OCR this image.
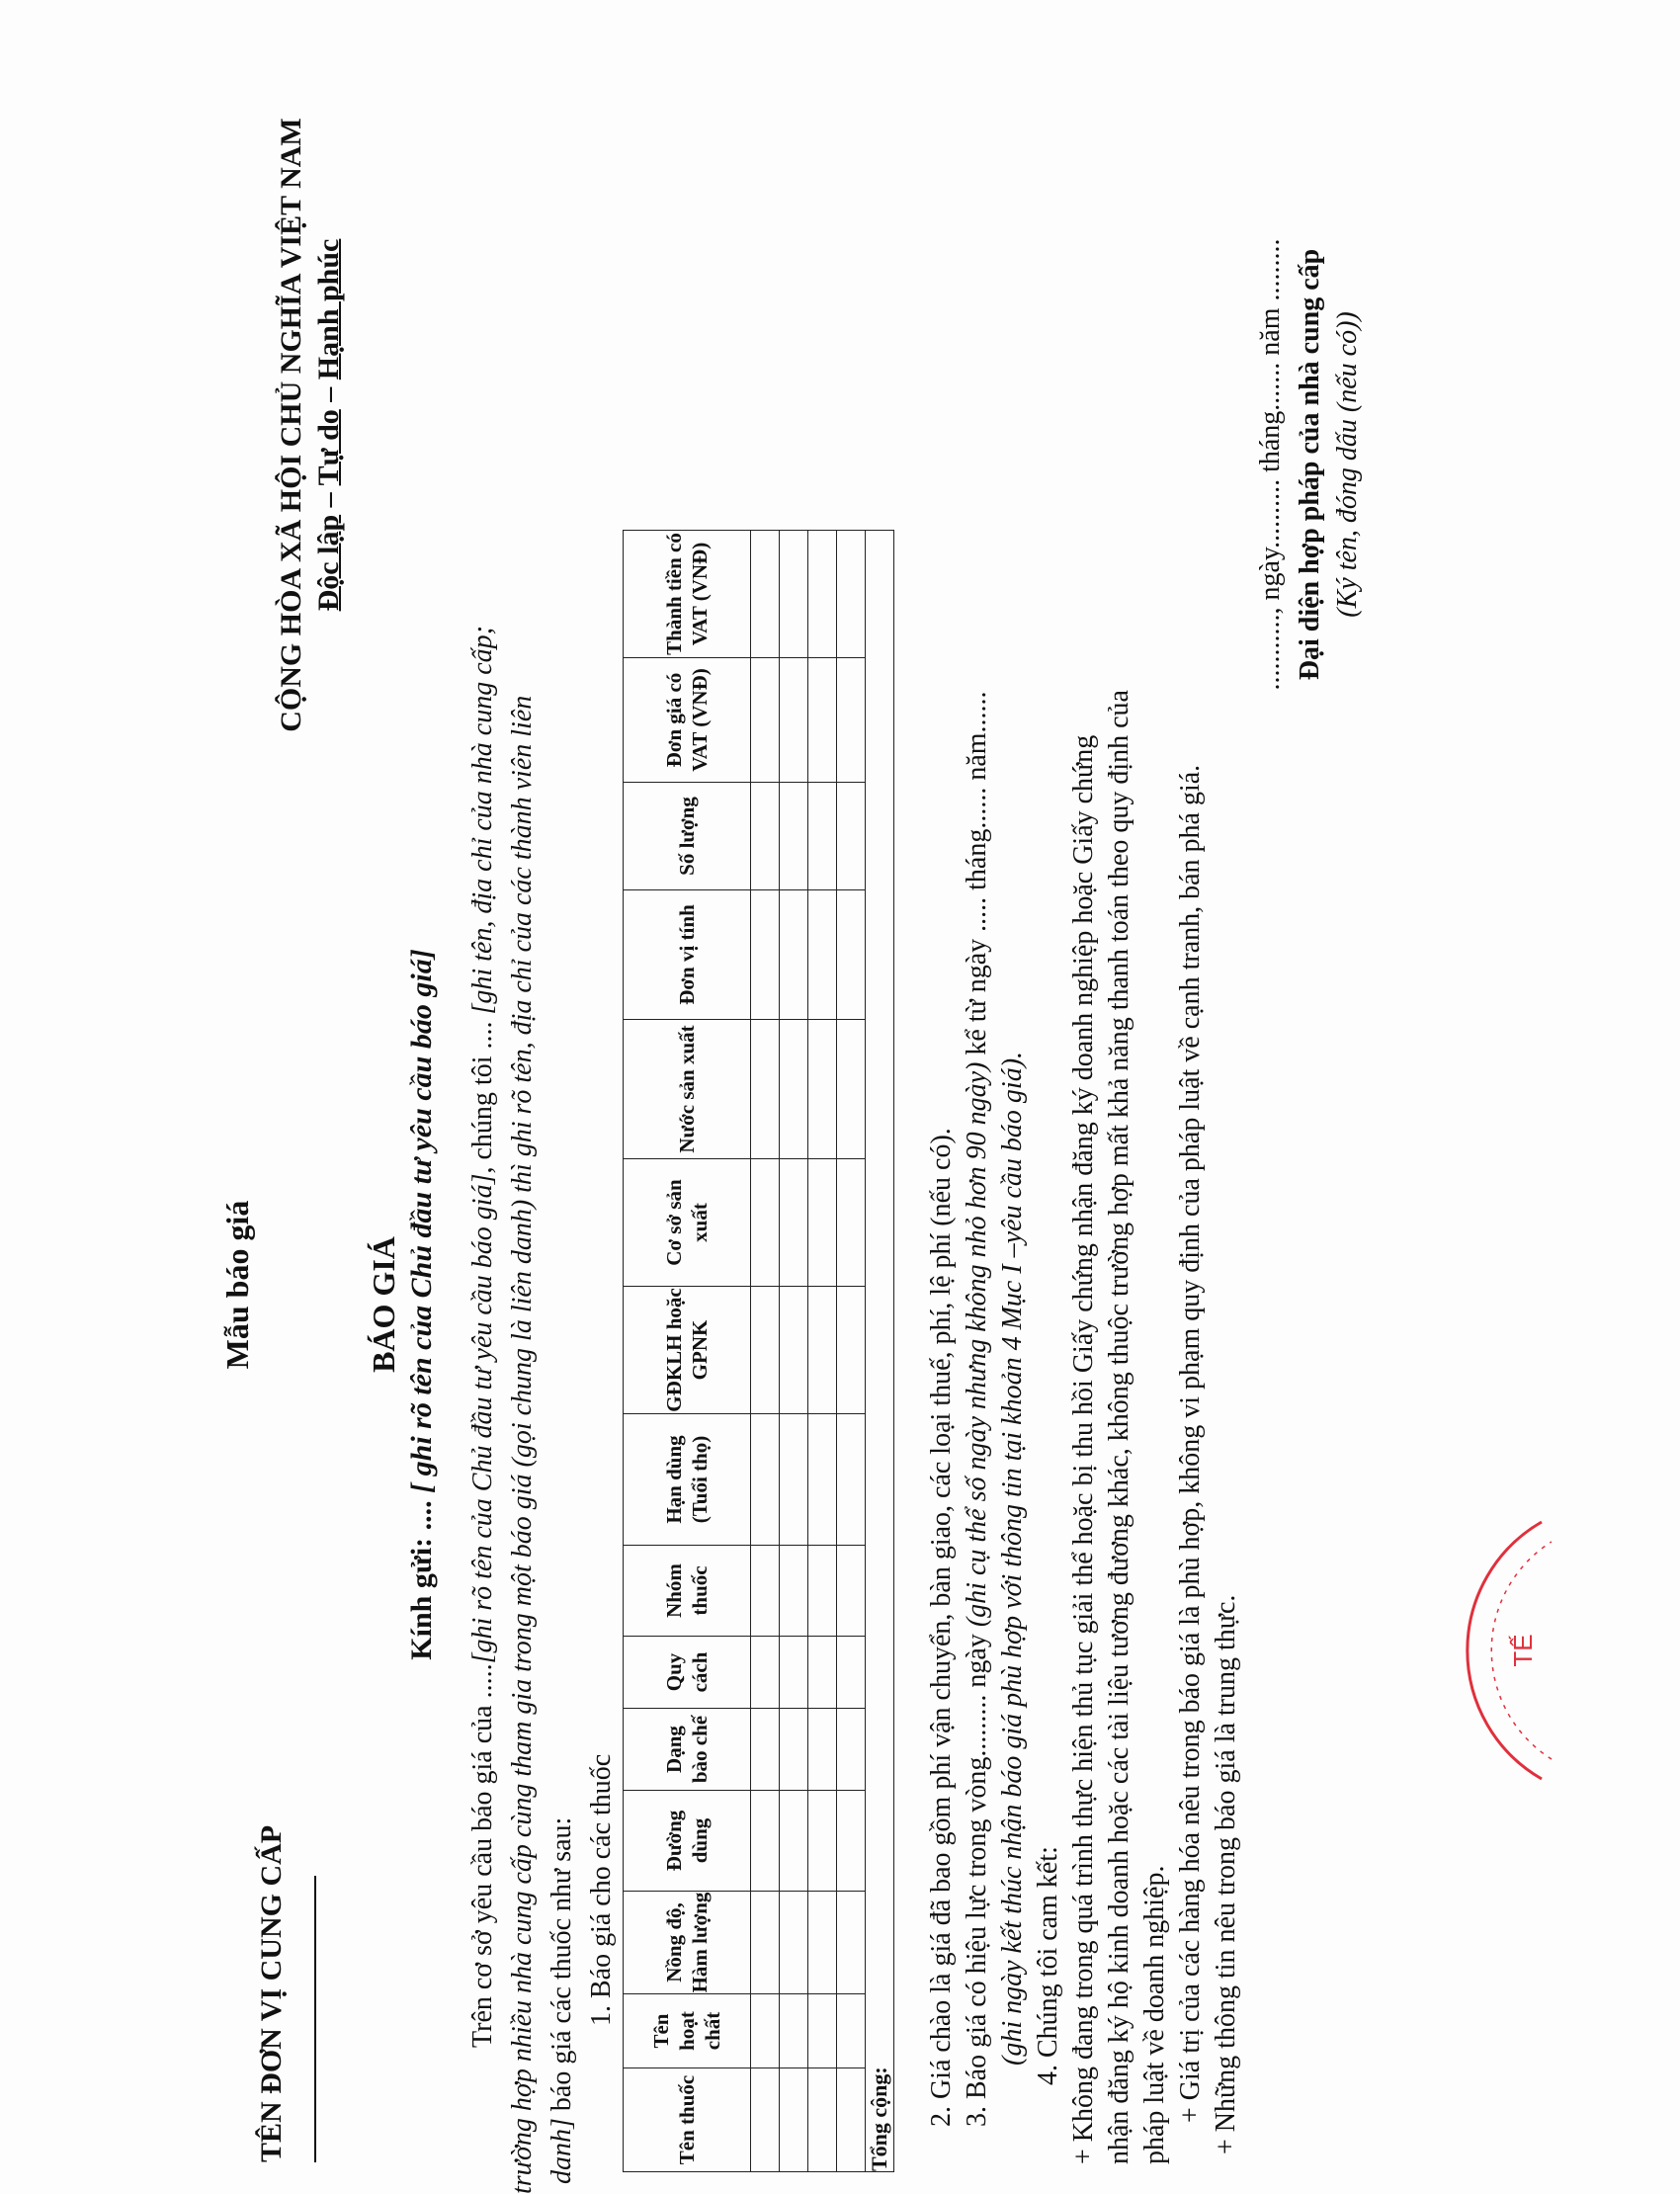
TÊN ĐƠN VỊ CUNG CẤP
Mẫu báo giá
CỘNG HÒA XÃ HỘI CHỦ NGHĨA VIỆT NAM Độc lập – Tự do – Hạnh phúc
BÁO GIÁ
Kính gửi: .... [ ghi rõ tên của Chủ đầu tư yêu cầu báo giá]
Trên cơ sở yêu cầu báo giá của .....[ghi rõ tên của Chủ đầu tư yêu cầu báo giá], chúng tôi .... [ghi tên, địa chỉ của nhà cung cấp; trường hợp nhiều nhà cung cấp cùng tham gia trong một báo giá (gọi chung là liên danh) thì ghi rõ tên, địa chỉ của các thành viên liên danh] báo giá các thuốc như sau: 1. Báo giá cho các thuốc
Tên thuốc	Tên hoạt chất	Nồng độ, Hàm lượng	Đường dùng	Dạng bào chế	Quy cách	Nhóm thuốc	Hạn dùng (Tuổi thọ)	GĐKLH hoặc GPNK	Cơ sở sản xuất	Nước sản xuất	Đơn vị tính	Số lượng	Đơn giá có VAT (VNĐ)	Thành tiền có VAT (VNĐ)

Tổng cộng:														2. Giá chào là giá đã bao gồm phí vận chuyển, bàn giao, các loại thuế, phí, lệ phí (nếu có). 3. Báo giá có hiệu lực trong vòng......... ngày (ghi cụ thể số ngày nhưng không nhỏ hơn 90 ngày) kể từ ngày ..... tháng...... năm......
(ghi ngày kết thúc nhận báo giá phù hợp với thông tin tại khoản 4 Mục I –yêu cầu báo giá). 4. Chúng tôi cam kết: + Không đang trong quá trình thực hiện thủ tục giải thể hoặc bị thu hồi Giấy chứng nhận đăng ký doanh nghiệp hoặc Giấy chứng nhận đăng ký hộ kinh doanh hoặc các tài liệu tương đương khác, không thuộc trường hợp mất khả năng thanh toán theo quy định của pháp luật về doanh nghiệp. + Giá trị của các hàng hóa nêu trong báo giá là phù hợp, không vi phạm quy định của pháp luật về cạnh tranh, bán phá giá. + Những thông tin nêu trong báo giá là trung thực.
..........., ngày.......... tháng....... năm ......... Đại diện hợp pháp của nhà cung cấp (Ký tên, đóng dấu (nếu có))
TẾ
